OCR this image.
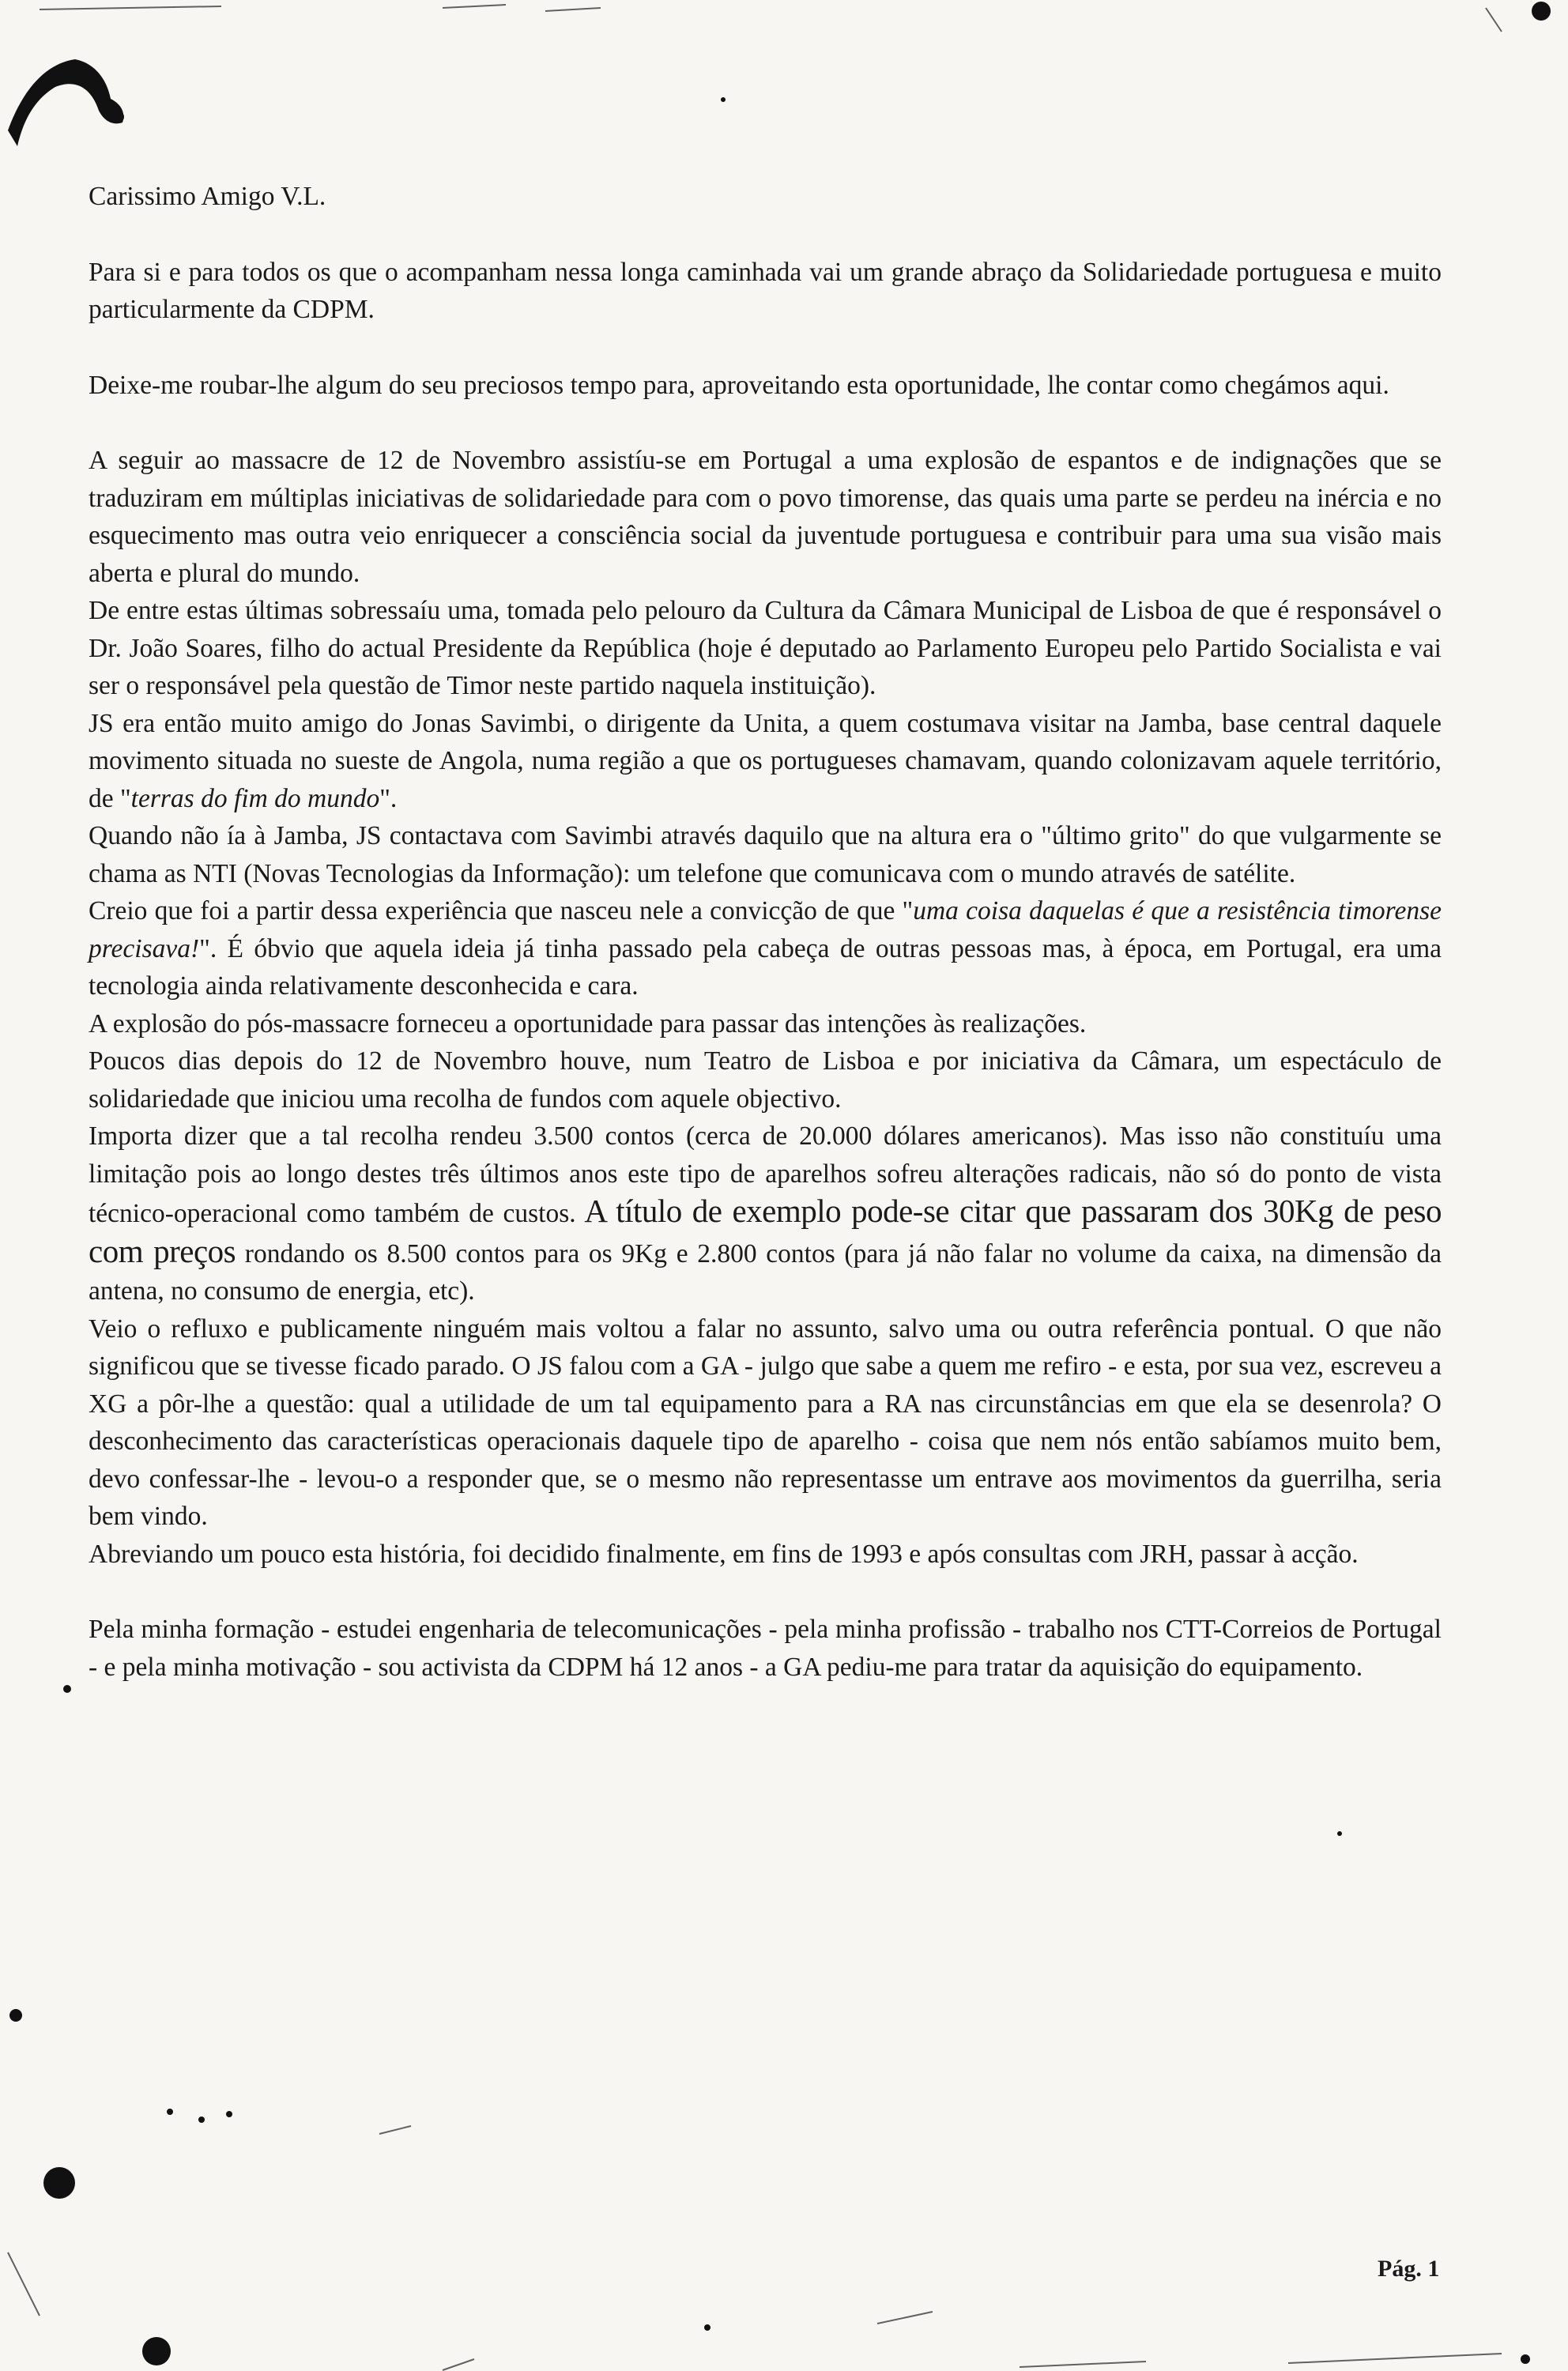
Carissimo Amigo V.L.

Para si e para todos os que o acompanham nessa longa caminhada vai um grande abraço da Solidariedade portuguesa e muito particularmente da CDPM.

Deixe-me roubar-lhe algum do seu preciosos tempo para, aproveitando esta oportunidade, lhe contar como chegámos aqui.

A seguir ao massacre de 12 de Novembro assistíu-se em Portugal a uma explosão de espantos e de indignações que se traduziram em múltiplas iniciativas de solidariedade para com o povo timorense, das quais uma parte se perdeu na inércia e no esquecimento mas outra veio enriquecer a consciência social da juventude portuguesa e contribuir para uma sua visão mais aberta e plural do mundo.

De entre estas últimas sobressaíu uma, tomada pelo pelouro da Cultura da Câmara Municipal de Lisboa de que é responsável o Dr. João Soares, filho do actual Presidente da República (hoje é deputado ao Parlamento Europeu pelo Partido Socialista e vai ser o responsável pela questão de Timor neste partido naquela instituição).

JS era então muito amigo do Jonas Savimbi, o dirigente da Unita, a quem costumava visitar na Jamba, base central daquele movimento situada no sueste de Angola, numa região a que os portugueses chamavam, quando colonizavam aquele território, de "terras do fim do mundo".

Quando não ía à Jamba, JS contactava com Savimbi através daquilo que na altura era o "último grito" do que vulgarmente se chama as NTI (Novas Tecnologias da Informação): um telefone que comunicava com o mundo através de satélite.

Creio que foi a partir dessa experiência que nasceu nele a convicção de que "uma coisa daquelas é que a resistência timorense precisava!". É óbvio que aquela ideia já tinha passado pela cabeça de outras pessoas mas, à época, em Portugal, era uma tecnologia ainda relativamente desconhecida e cara.

A explosão do pós-massacre forneceu a oportunidade para passar das intenções às realizações.

Poucos dias depois do 12 de Novembro houve, num Teatro de Lisboa e por iniciativa da Câmara, um espectáculo de solidariedade que iniciou uma recolha de fundos com aquele objectivo.

Importa dizer que a tal recolha rendeu 3.500 contos (cerca de 20.000 dólares americanos). Mas isso não constituíu uma limitação pois ao longo destes três últimos anos este tipo de aparelhos sofreu alterações radicais, não só do ponto de vista técnico-operacional como também de custos. A título de exemplo pode-se citar que passaram dos 30Kg de peso com preços rondando os 8.500 contos para os 9Kg e 2.800 contos (para já não falar no volume da caixa, na dimensão da antena, no consumo de energia, etc).

Veio o refluxo e publicamente ninguém mais voltou a falar no assunto, salvo uma ou outra referência pontual. O que não significou que se tivesse ficado parado. O JS falou com a GA - julgo que sabe a quem me refiro - e esta, por sua vez, escreveu a XG a pôr-lhe a questão: qual a utilidade de um tal equipamento para a RA nas circunstâncias em que ela se desenrola? O desconhecimento das características operacionais daquele tipo de aparelho - coisa que nem nós então sabíamos muito bem, devo confessar-lhe - levou-o a responder que, se o mesmo não representasse um entrave aos movimentos da guerrilha, seria bem vindo.

Abreviando um pouco esta história, foi decidido finalmente, em fins de 1993 e após consultas com JRH, passar à acção.

Pela minha formação - estudei engenharia de telecomunicações - pela minha profissão - trabalho nos CTT-Correios de Portugal - e pela minha motivação - sou activista da CDPM há 12 anos - a GA pediu-me para tratar da aquisição do equipamento.

Pág. 1
